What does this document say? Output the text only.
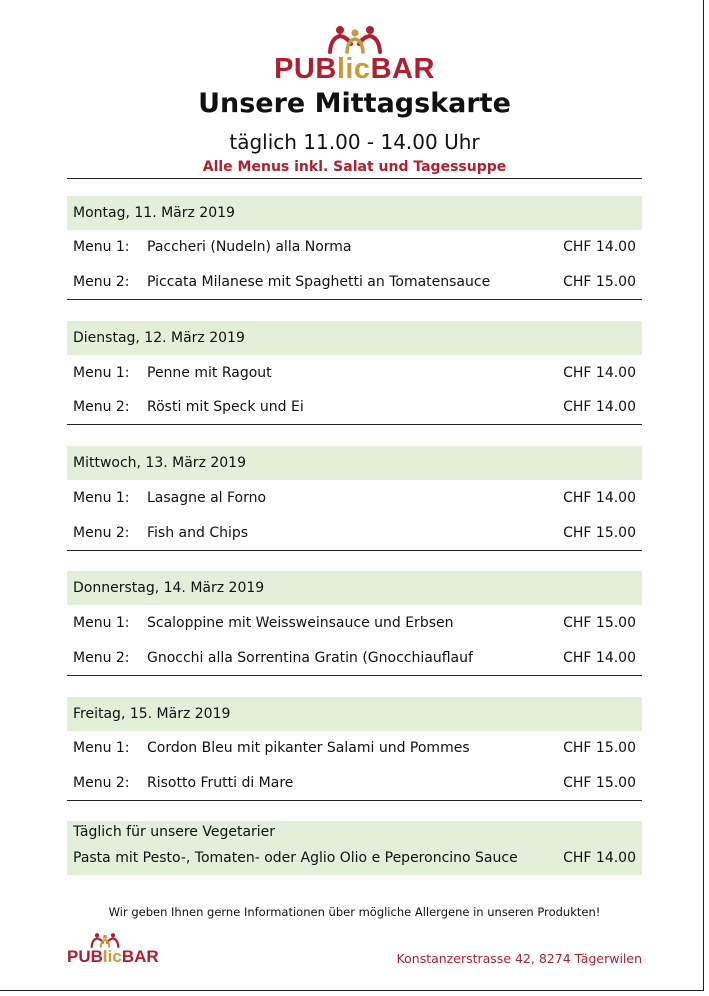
PUBlicBAR
Unsere Mittagskarte
täglich 11.00 - 14.00 Uhr
Alle Menus inkl. Salat und Tagessuppe
Montag, 11. März 2019
Menu 1: Paccheri (Nudeln) alla Norma	CHF 14.00
Menu 2: Piccata Milanese mit Spaghetti an Tomatensauce	CHF 15.00
Dienstag, 12. März 2019
Menu 1: Penne mit Ragout	CHF 14.00
Menu 2: Rösti mit Speck und Ei	CHF 14.00
Mittwoch, 13. März 2019
Menu 1: Lasagne al Forno	CHF 14.00
Menu 2: Fish and Chips	CHF 15.00
Donnerstag, 14. März 2019
Menu 1: Scaloppine mit Weissweinsauce und Erbsen	CHF 15.00
Menu 2: Gnocchi alla Sorrentina Gratin (Gnocchiauflauf	CHF 14.00
Freitag, 15. März 2019
Menu 1: Cordon Bleu mit pikanter Salami und Pommes	CHF 15.00
Menu 2: Risotto Frutti di Mare	CHF 15.00
Täglich für unsere Vegetarier
Pasta mit Pesto-, Tomaten- oder Aglio Olio e Peperoncino Sauce	CHF 14.00
Wir geben Ihnen gerne Informationen über mögliche Allergene in unseren Produkten!
PUBlicBAR	Konstanzerstrasse 42, 8274 Tägerwilen
